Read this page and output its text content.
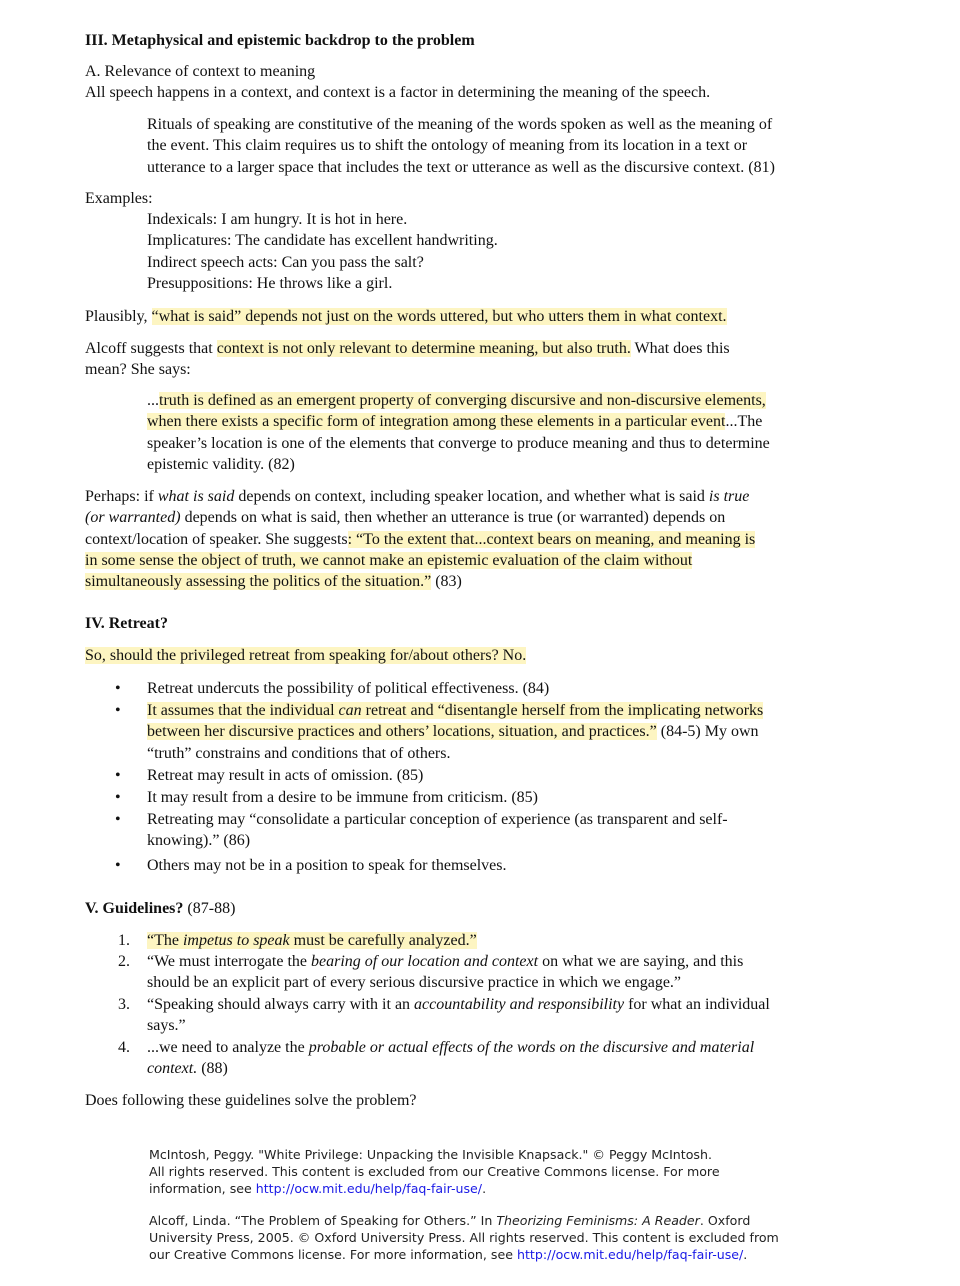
III. Metaphysical and epistemic backdrop to the problem
A. Relevance of context to meaning
All speech happens in a context, and context is a factor in determining the meaning of the speech.

Rituals of speaking are constitutive of the meaning of the words spoken as well as the meaning of

the event. This claim requires us to shift the ontology of meaning from its location in a text or

utterance to a larger space that includes the text or utterance as well as the discursive context. (81)

Examples:

Indexicals: I am hungry. It is hot in here.

Implicatures: The candidate has excellent handwriting.

Indirect speech acts: Can you pass the salt?

Presuppositions: He throws like a girl.

Plausibly, “what is said” depends not just on the words uttered, but who utters them in what context.

Alcoff suggests that context is not only relevant to determine meaning, but also truth. What does this

mean? She says:

...truth is defined as an emergent property of converging discursive and non-discursive elements,

when there exists a specific form of integration among these elements in a particular event...The

speaker’s location is one of the elements that converge to produce meaning and thus to determine

epistemic validity. (82)

Perhaps: if what is said depends on context, including speaker location, and whether what is said is true

(or warranted) depends on what is said, then whether an utterance is true (or warranted) depends on

context/location of speaker. She suggests: “To the extent that...context bears on meaning, and meaning is

in some sense the object of truth, we cannot make an epistemic evaluation of the claim without

simultaneously assessing the politics of the situation.” (83)

IV. Retreat?
So, should the privileged retreat from speaking for/about others? No.
• Retreat undercuts the possibility of political effectiveness. (84)
• It assumes that the individual can retreat and “disentangle herself from the implicating networks

between her discursive practices and others’ locations, situation, and practices.” (84-5) My own

“truth” constrains and conditions that of others.

• Retreat may result in acts of omission. (85)
• It may result from a desire to be immune from criticism. (85)
• Retreating may “consolidate a particular conception of experience (as transparent and self-

knowing).” (86)

• Others may not be in a position to speak for themselves.
V. Guidelines? (87-88)
1. “The impetus to speak must be carefully analyzed.”
2. “We must interrogate the bearing of our location and context on what we are saying, and this

should be an explicit part of every serious discursive practice in which we engage.”

3. “Speaking should always carry with it an accountability and responsibility for what an individual

says.”

4. ...we need to analyze the probable or actual effects of the words on the discursive and material

context. (88)

Does following these guidelines solve the problem?
McIntosh, Peggy. "White Privilege: Unpacking the Invisible Knapsack." © Peggy McIntosh.
All rights reserved. This content is excluded from our Creative Commons license. For more
information, see http://ocw.mit.edu/help/faq-fair-use/.
Alcoff, Linda. “The Problem of Speaking for Others.” In Theorizing Feminisms: A Reader. Oxford
University Press, 2005. © Oxford University Press. All rights reserved. This content is excluded from
our Creative Commons license. For more information, see http://ocw.mit.edu/help/faq-fair-use/.
